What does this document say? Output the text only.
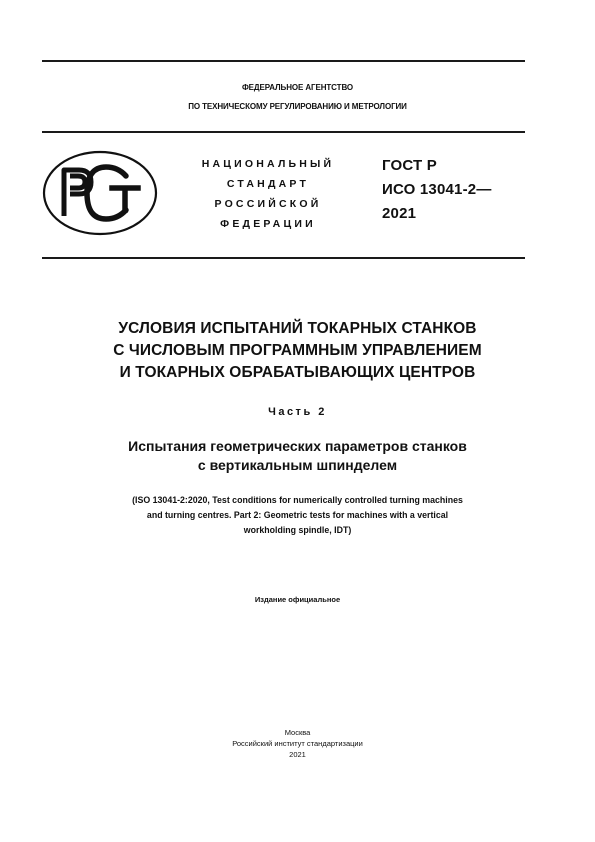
ФЕДЕРАЛЬНОЕ АГЕНТСТВО
ПО ТЕХНИЧЕСКОМУ РЕГУЛИРОВАНИЮ И МЕТРОЛОГИИ
НАЦИОНАЛЬНЫЙ
СТАНДАРТ
РОССИЙСКОЙ
ФЕДЕРАЦИИ
ГОСТ Р
ИСО 13041-2—
2021
УСЛОВИЯ ИСПЫТАНИЙ ТОКАРНЫХ СТАНКОВ
С ЧИСЛОВЫМ ПРОГРАММНЫМ УПРАВЛЕНИЕМ
И ТОКАРНЫХ ОБРАБАТЫВАЮЩИХ ЦЕНТРОВ
Часть 2
Испытания геометрических параметров станков
с вертикальным шпинделем
(ISO 13041-2:2020, Test conditions for numerically controlled turning machines
and turning centres. Part 2: Geometric tests for machines with a vertical
workholding spindle, IDT)
Издание официальное
Москва
Российский институт стандартизации
2021
